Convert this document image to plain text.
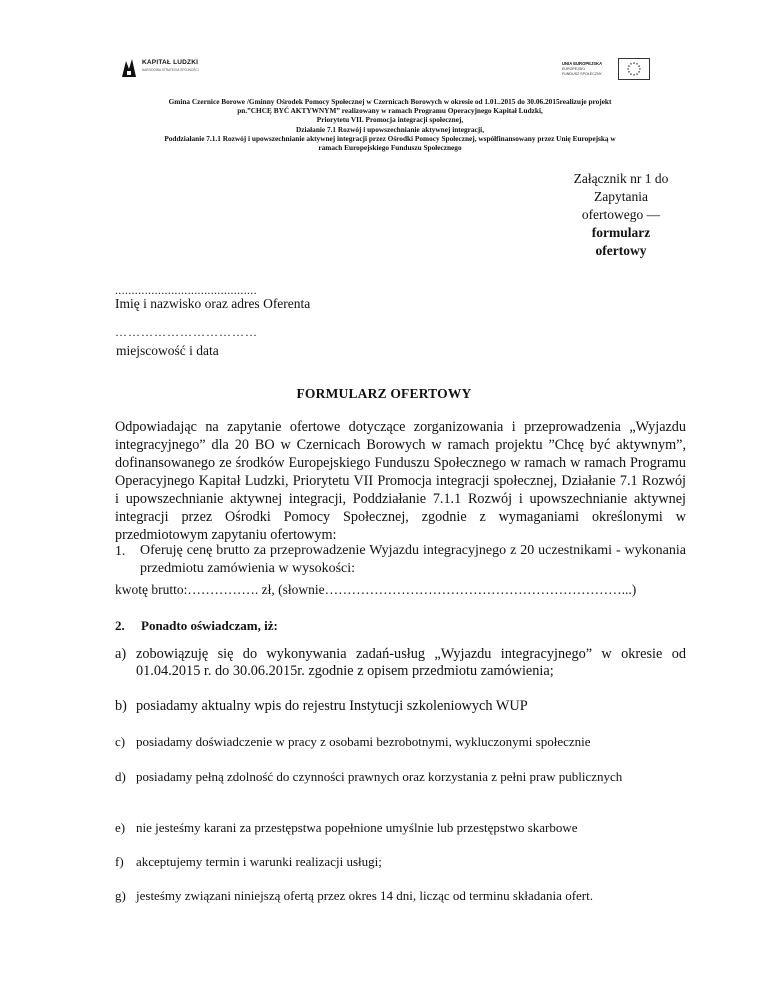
KAPITAŁ LUDZKI
NARODOWA STRATEGIA SPÓJNOŚCI
UNIA EUROPEJSKA
EUROPEJSKI
FUNDUSZ SPOŁECZNY
Gmina Czernice Borowe /Gminny Ośrodek Pomocy Społecznej w Czernicach Borowych w okresie od 1.01..2015 do 30.06.2015realizuje projekt
pn.”CHCĘ BYĆ AKTYWNYM” realizowany w ramach Programu Operacyjnego Kapitał Ludzki,
Priorytetu VII. Promocja integracji społecznej,
Działanie 7.1 Rozwój i upowszechnianie aktywnej integracji,
Poddziałanie 7.1.1 Rozwój i upowszechnianie aktywnej integracji przez Ośrodki Pomocy Społecznej, współfinansowany przez Unię Europejską w
ramach Europejskiego Funduszu Społecznego
Załącznik nr 1 do
Zapytania
ofertowego —
formularz
ofertowy
...........................................
Imię i nazwisko oraz adres Oferenta
……………………………
miejscowość i data
FORMULARZ OFERTOWY
Odpowiadając na zapytanie ofertowe dotyczące zorganizowania i przeprowadzenia „Wyjazdu integracyjnego” dla 20 BO w Czernicach Borowych w ramach projektu ”Chcę być aktywnym”, dofinansowanego ze środków Europejskiego Funduszu Społecznego w ramach w ramach Programu Operacyjnego Kapitał Ludzki, Priorytetu VII Promocja integracji społecznej, Działanie 7.1 Rozwój i upowszechnianie aktywnej integracji, Poddziałanie 7.1.1 Rozwój i upowszechnianie aktywnej integracji przez Ośrodki Pomocy Społecznej, zgodnie z wymaganiami określonymi w przedmiotowym zapytaniu ofertowym:
1. Oferuję cenę brutto za przeprowadzenie Wyjazdu integracyjnego z 20 uczestnikami - wykonania przedmiotu zamówienia w wysokości:
kwotę brutto:……………. zł, (słownie…………………………………………………………...)
2. Ponadto oświadczam, iż:
a) zobowiązuję się do wykonywania zadań-usług „Wyjazdu integracyjnego” w okresie od 01.04.2015 r. do 30.06.2015r. zgodnie z opisem przedmiotu zamówienia;
b) posiadamy aktualny wpis do rejestru Instytucji szkoleniowych WUP
c) posiadamy doświadczenie w pracy z osobami bezrobotnymi, wykluczonymi społecznie
d) posiadamy pełną zdolność do czynności prawnych oraz korzystania z pełni praw publicznych
e) nie jesteśmy karani za przestępstwa popełnione umyślnie lub przestępstwo skarbowe
f) akceptujemy termin i warunki realizacji usługi;
g) jesteśmy związani niniejszą ofertą przez okres 14 dni, licząc od terminu składania ofert.
